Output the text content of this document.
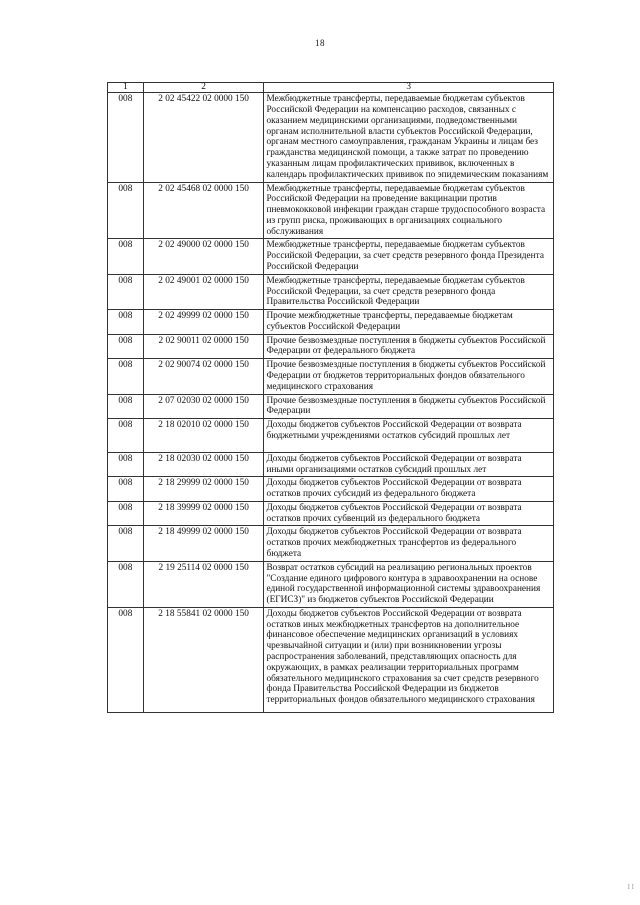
18
1	2	3
008	2 02 45422 02 0000 150	Межбюджетные трансферты, передаваемые бюджетам субъектов Российской Федерации на компенсацию расходов, связанных с оказанием медицинскими организациями, подведомственными органам исполнительной власти субъектов Российской Федерации, органам местного самоуправления, гражданам Украины и лицам без гражданства медицинской помощи, а также затрат по проведению указанным лицам профилактических прививок, включенных в календарь профилактических прививок по эпидемическим показаниям
008	2 02 45468 02 0000 150	Межбюджетные трансферты, передаваемые бюджетам субъектов Российской Федерации на проведение вакцинации против пневмококковой инфекции граждан старше трудоспособного возраста из групп риска, проживающих в организациях социального обслуживания
008	2 02 49000 02 0000 150	Межбюджетные трансферты, передаваемые бюджетам субъектов Российской Федерации, за счет средств резервного фонда Президента Российской Федерации
008	2 02 49001 02 0000 150	Межбюджетные трансферты, передаваемые бюджетам субъектов Российской Федерации, за счет средств резервного фонда Правительства Российской Федерации
008	2 02 49999 02 0000 150	Прочие межбюджетные трансферты, передаваемые бюджетам субъектов Российской Федерации
008	2 02 90011 02 0000 150	Прочие безвозмездные поступления в бюджеты субъектов Российской Федерации от федерального бюджета
008	2 02 90074 02 0000 150	Прочие безвозмездные поступления в бюджеты субъектов Российской Федерации от бюджетов территориальных фондов обязательного медицинского страхования
008	2 07 02030 02 0000 150	Прочие безвозмездные поступления в бюджеты субъектов Российской Федерации
008	2 18 02010 02 0000 150	Доходы бюджетов субъектов Российской Федерации от возврата бюджетными учреждениями остатков субсидий прошлых лет
008	2 18 02030 02 0000 150	Доходы бюджетов субъектов Российской Федерации от возврата иными организациями остатков субсидий прошлых лет
008	2 18 29999 02 0000 150	Доходы бюджетов субъектов Российской Федерации от возврата остатков прочих субсидий из федерального бюджета
008	2 18 39999 02 0000 150	Доходы бюджетов субъектов Российской Федерации от возврата остатков прочих субвенций из федерального бюджета
008	2 18 49999 02 0000 150	Доходы бюджетов субъектов Российской Федерации от возврата остатков прочих межбюджетных трансфертов из федерального бюджета
008	2 19 25114 02 0000 150	Возврат остатков субсидий на реализацию региональных проектов "Создание единого цифрового контура в здравоохранении на основе единой государственной информационной системы здравоохранения (ЕГИСЗ)" из бюджетов субъектов Российской Федерации
008	2 18 55841 02 0000 150	Доходы бюджетов субъектов Российской Федерации от возврата остатков иных межбюджетных трансфертов на дополнительное финансовое обеспечение медицинских организаций в условиях чрезвычайной ситуации и (или) при возникновении угрозы распространения заболеваний, представляющих опасность для окружающих, в рамках реализации территориальных программ обязательного медицинского страхования за счет средств резервного фонда Правительства Российской Федерации из бюджетов территориальных фондов обязательного медицинского страхования
I I
